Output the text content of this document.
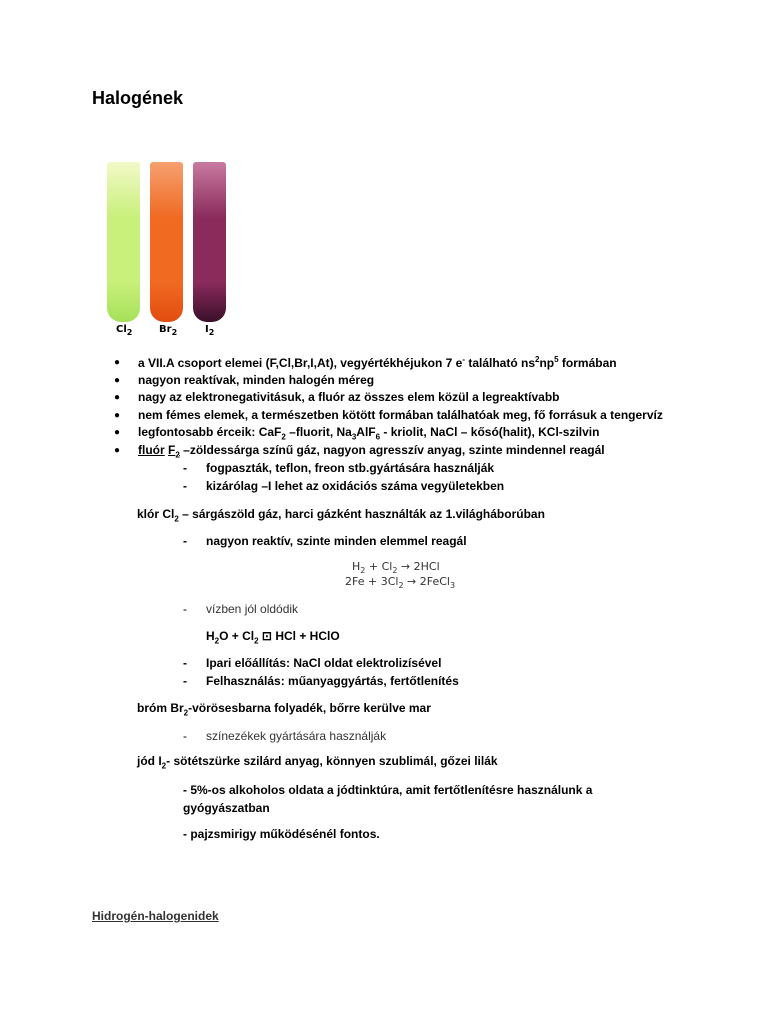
Halogének
$Cl_2$	$Br_2$	$I_2$
● a VII.A csoport elemei (F,Cl,Br,I,At), vegyértékhéjukon 7 e- található $ns^2np^5$ formában
● nagyon reaktívak, minden halogén méreg
● nagy az elektronegativitásuk, a fluór az összes elem közül a legreaktívabb
● nem fémes elemek, a természetben kötött formában találhatóak meg, fő forrásuk a tengervíz
● legfontosabb érceik: CaF$_2$ –fluorit, $Na_3AlF_6$ - kriolit, NaCl – kősó(halit), KCl-szilvin
● fluór $F_2$ –zöldessárga színű gáz, nagyon agresszív anyag, szinte mindennel reagál
- fogpaszták, teflon, freon stb.gyártására használják
- kizárólag –I lehet az oxidációs száma vegyületekben
klór $Cl_2$ – sárgászöld gáz, harci gázként használták az 1.világháborúban
- nagyon reaktív, szinte minden elemmel reagál
$H_2 + Cl_2 \to 2HCl$
$2Fe + 3Cl_2$ → 2FeCl$_3$
- vízben jól oldódik
$H_2O + Cl_2$ ⊡ HCl + HClO
- Ipari előállítás: NaCl oldat elektrolizísével
- Felhasználás: műanyaggyártás, fertőtlenítés
bróm $Br_2$-vörösesbarna folyadék, bőrre kerülve mar
- színezékek gyártására használják
jód $I_2-$ sötétszürke szilárd anyag, könnyen szublimál, gőzei lilák
- 5%-os alkoholos oldata a jódtinktúra, amit fertőtlenítésre használunk a
gyógyászatban
- pajzsmirigy működésénél fontos.
Hidrogén-halogenidek
